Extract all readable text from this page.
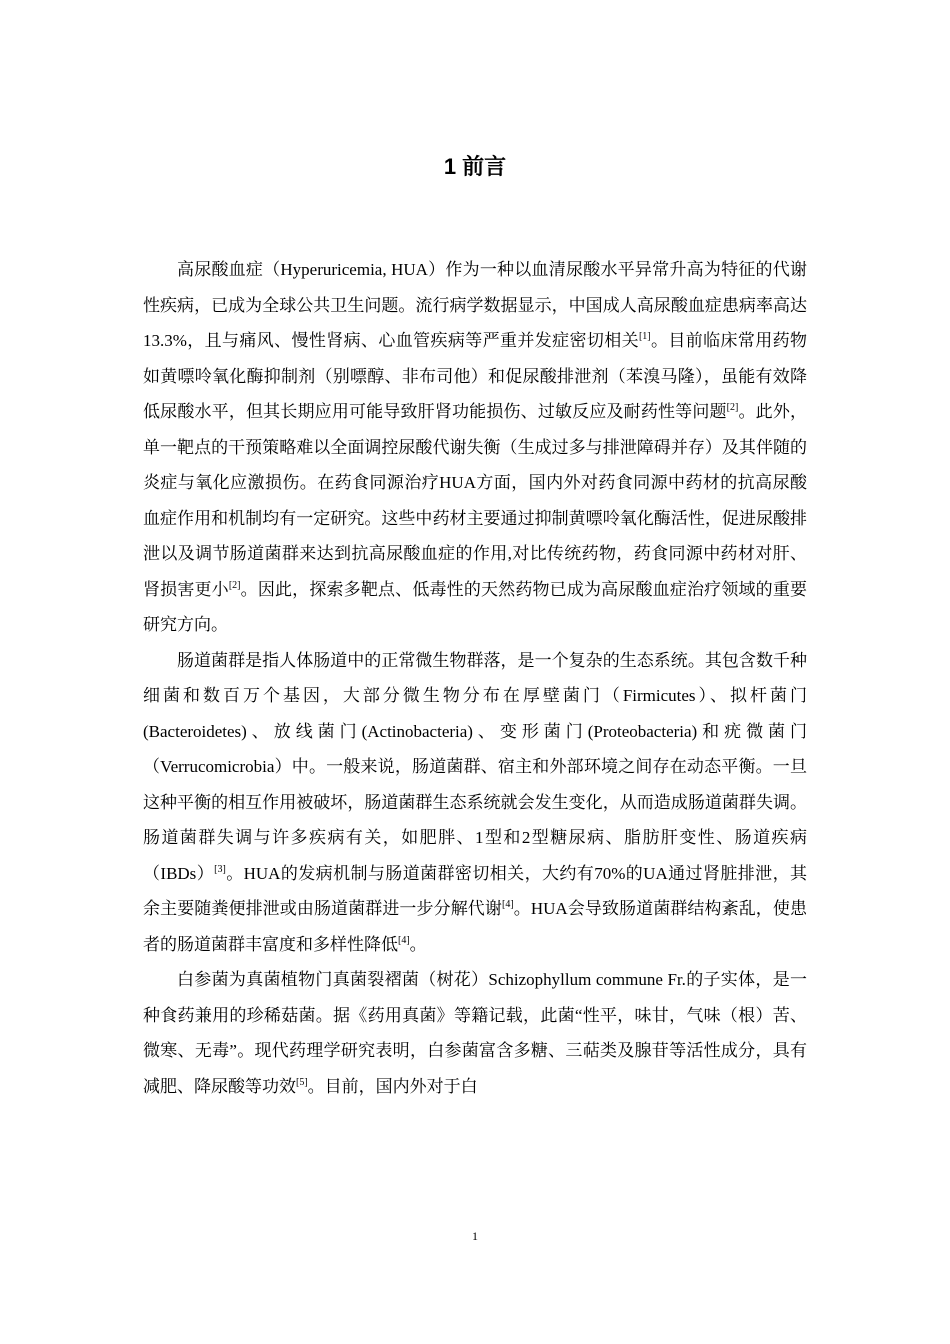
1 前言

高尿酸血症（Hyperuricemia, HUA）作为一种以血清尿酸水平异常升高为特征的代谢性疾病，已成为全球公共卫生问题。流行病学数据显示，中国成人高尿酸血症患病率高达13.3%，且与痛风、慢性肾病、心血管疾病等严重并发症密切相关[1]。目前临床常用药物如黄嘌呤氧化酶抑制剂（别嘌醇、非布司他）和促尿酸排泄剂（苯溴马隆），虽能有效降低尿酸水平，但其长期应用可能导致肝肾功能损伤、过敏反应及耐药性等问题[2]。此外，单一靶点的干预策略难以全面调控尿酸代谢失衡（生成过多与排泄障碍并存）及其伴随的炎症与氧化应激损伤。在药食同源治疗HUA方面，国内外对药食同源中药材的抗高尿酸血症作用和机制均有一定研究。这些中药材主要通过抑制黄嘌呤氧化酶活性，促进尿酸排泄以及调节肠道菌群来达到抗高尿酸血症的作用,对比传统药物，药食同源中药材对肝、肾损害更小[2]。因此，探索多靶点、低毒性的天然药物已成为高尿酸血症治疗领域的重要研究方向。

肠道菌群是指人体肠道中的正常微生物群落，是一个复杂的生态系统。其包含数千种细菌和数百万个基因，大部分微生物分布在厚壁菌门（Firmicutes）、拟杆菌门(Bacteroidetes)、放线菌门(Actinobacteria)、变形菌门(Proteobacteria)和疣微菌门（Verrucomicrobia）中。一般来说，肠道菌群、宿主和外部环境之间存在动态平衡。一旦这种平衡的相互作用被破坏，肠道菌群生态系统就会发生变化，从而造成肠道菌群失调。肠道菌群失调与许多疾病有关，如肥胖、1型和2型糖尿病、脂肪肝变性、肠道疾病（IBDs）[3]。HUA的发病机制与肠道菌群密切相关，大约有70%的UA通过肾脏排泄，其余主要随粪便排泄或由肠道菌群进一步分解代谢[4]。HUA会导致肠道菌群结构紊乱，使患者的肠道菌群丰富度和多样性降低[4]。

白参菌为真菌植物门真菌裂褶菌（树花）Schizophyllum commune Fr.的子实体，是一种食药兼用的珍稀菇菌。据《药用真菌》等籍记载，此菌“性平，味甘，气味（根）苦、微寒、无毒”。现代药理学研究表明，白参菌富含多糖、三萜类及腺苷等活性成分，具有减肥、降尿酸等功效[5]。目前，国内外对于白

1
